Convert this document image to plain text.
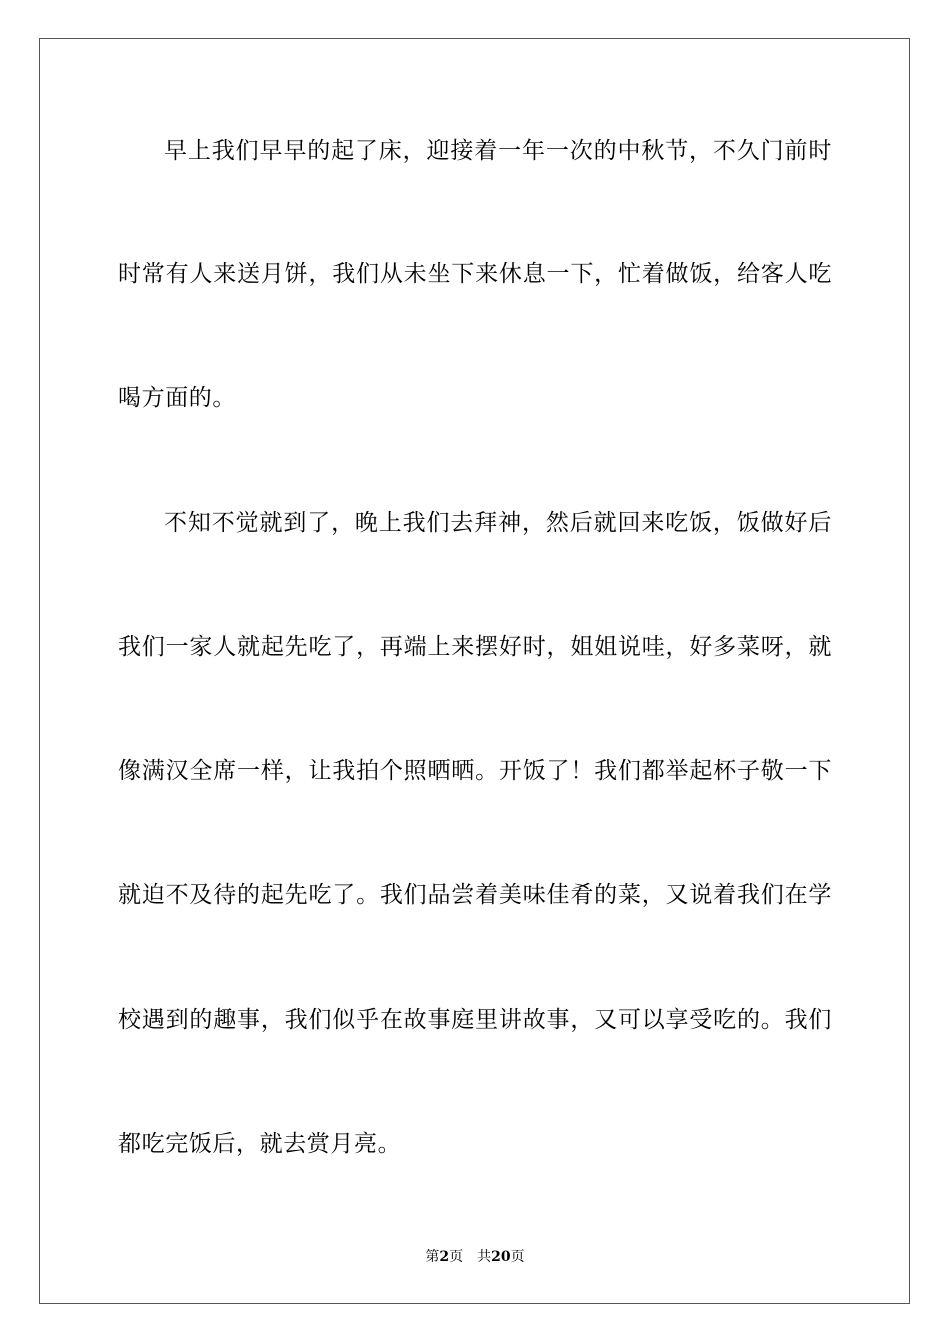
早上我们早早的起了床，迎接着一年一次的中秋节，不久门前时
时常有人来送月饼，我们从未坐下来休息一下，忙着做饭，给客人吃
喝方面的。
不知不觉就到了，晚上我们去拜神，然后就回来吃饭，饭做好后
我们一家人就起先吃了，再端上来摆好时，姐姐说哇，好多菜呀，就
像满汉全席一样，让我拍个照晒晒。开饭了！我们都举起杯子敬一下
就迫不及待的起先吃了。我们品尝着美味佳肴的菜，又说着我们在学
校遇到的趣事，我们似乎在故事庭里讲故事，又可以享受吃的。我们
都吃完饭后，就去赏月亮。
第2页 共20页
